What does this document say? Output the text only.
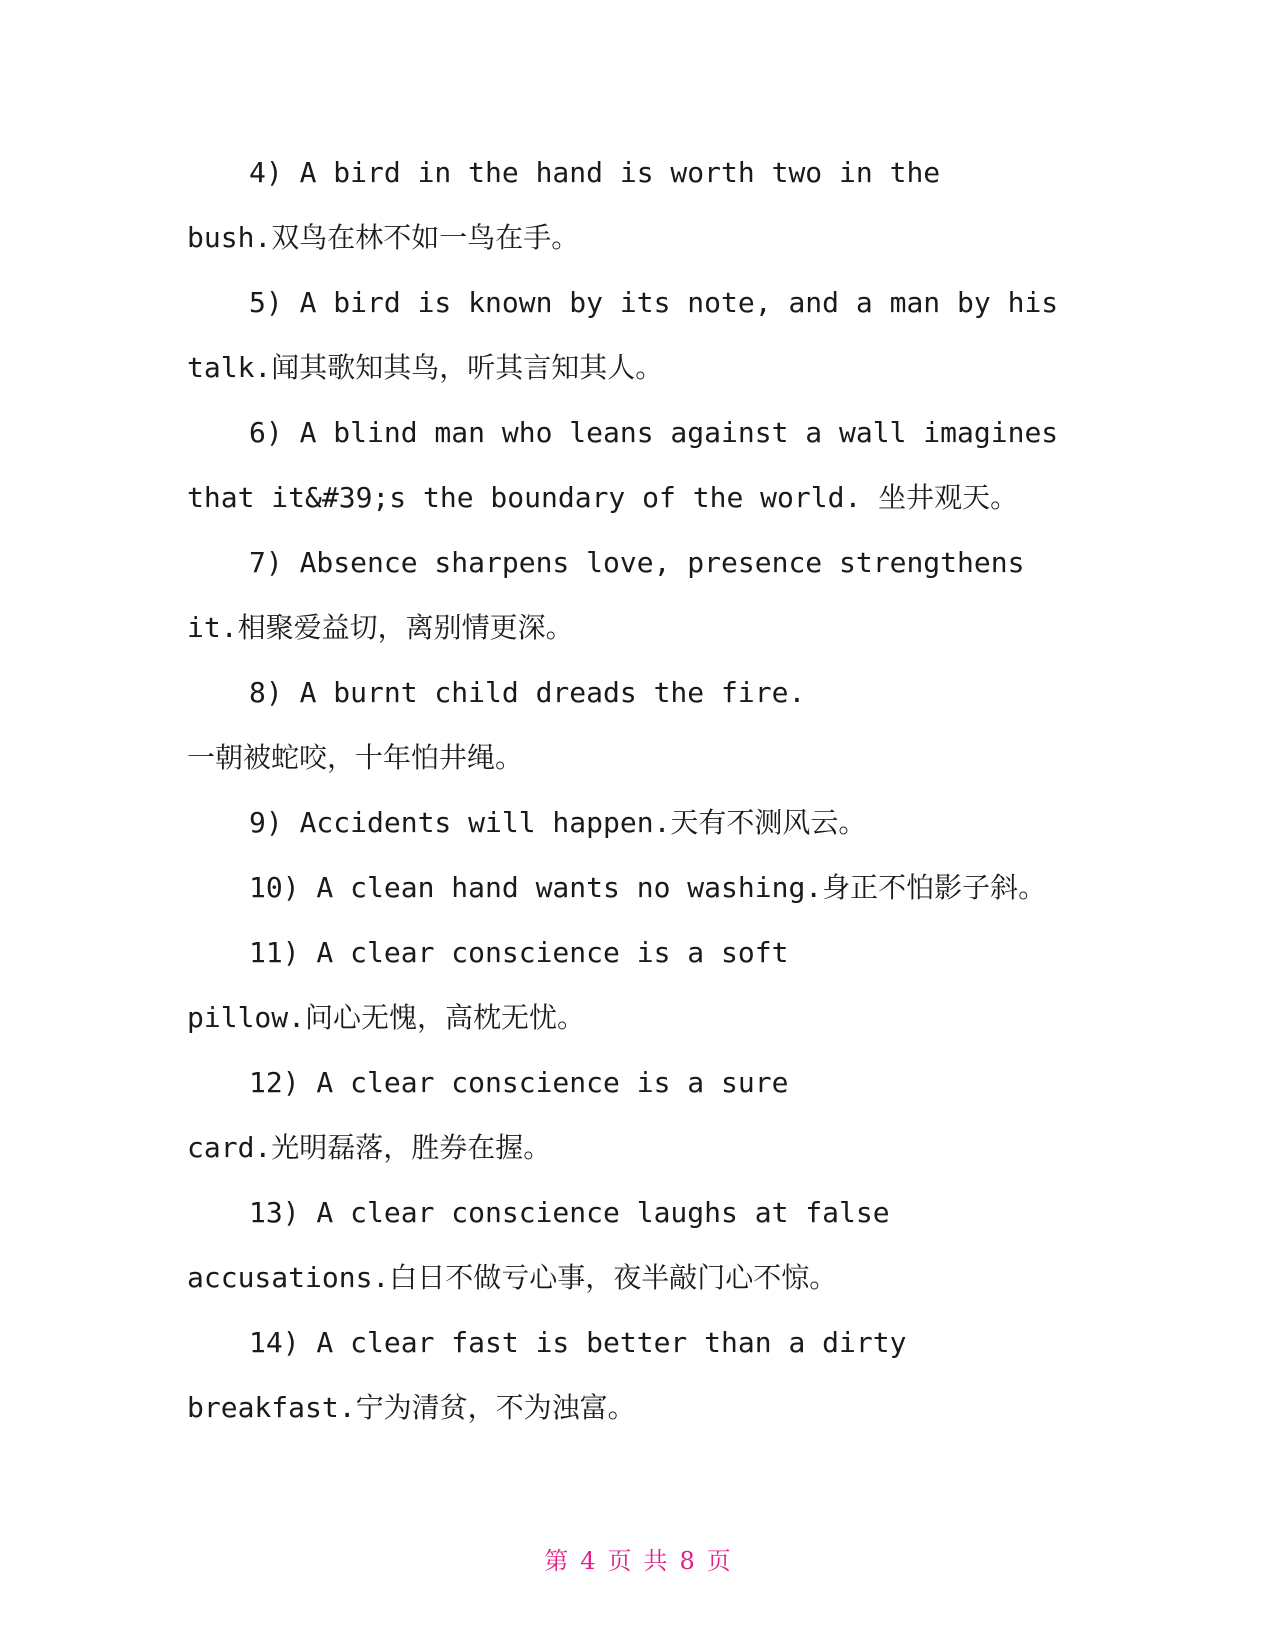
4) A bird in the hand is worth two in the
bush.双鸟在林不如一鸟在手。
5) A bird is known by its note, and a man by his
talk.闻其歌知其鸟，听其言知其人。
6) A blind man who leans against a wall imagines
that it&#39;s the boundary of the world. 坐井观天。
7) Absence sharpens love, presence strengthens
it.相聚爱益切，离别情更深。
8) A burnt child dreads the fire.
一朝被蛇咬，十年怕井绳。
9) Accidents will happen.天有不测风云。
10) A clean hand wants no washing.身正不怕影子斜。
11) A clear conscience is a soft
pillow.问心无愧，高枕无忧。
12) A clear conscience is a sure
card.光明磊落，胜券在握。
13) A clear conscience laughs at false
accusations.白日不做亏心事，夜半敲门心不惊。
14) A clear fast is better than a dirty
breakfast.宁为清贫，不为浊富。
第 4 页 共 8 页
